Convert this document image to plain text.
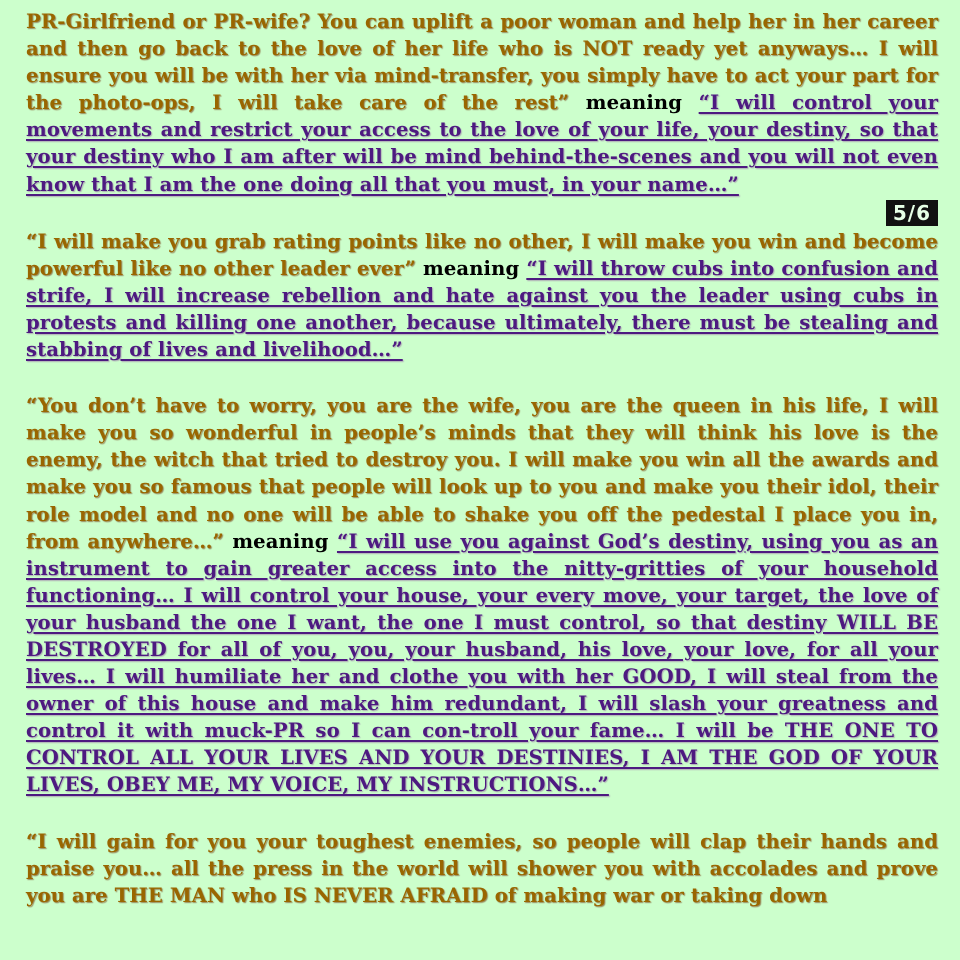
PR-Girlfriend or PR-wife? You can uplift a poor woman and help her in her career and then go back to the love of her life who is NOT ready yet anyways… I will ensure you will be with her via mind-transfer, you simply have to act your part for the photo-ops, I will take care of the rest” meaning “I will control your movements and restrict your access to the love of your life, your destiny, so that your destiny who I am after will be mind behind-the-scenes and you will not even know that I am the one doing all that you must, in your name…”

5/6

“I will make you grab rating points like no other, I will make you win and become powerful like no other leader ever” meaning “I will throw cubs into confusion and strife, I will increase rebellion and hate against you the leader using cubs in protests and killing one another, because ultimately, there must be stealing and stabbing of lives and livelihood…”

“You don’t have to worry, you are the wife, you are the queen in his life, I will make you so wonderful in people’s minds that they will think his love is the enemy, the witch that tried to destroy you. I will make you win all the awards and make you so famous that people will look up to you and make you their idol, their role model and no one will be able to shake you off the pedestal I place you in, from anywhere…” meaning “I will use you against God’s destiny, using you as an instrument to gain greater access into the nitty-gritties of your household functioning… I will control your house, your every move, your target, the love of your husband the one I want, the one I must control, so that destiny WILL BE DESTROYED for all of you, you, your husband, his love, your love, for all your lives… I will humiliate her and clothe you with her GOOD, I will steal from the owner of this house and make him redundant, I will slash your greatness and control it with muck-PR so I can con-troll your fame… I will be THE ONE TO CONTROL ALL YOUR LIVES AND YOUR DESTINIES, I AM THE GOD OF YOUR LIVES, OBEY ME, MY VOICE, MY INSTRUCTIONS…”

“I will gain for you your toughest enemies, so people will clap their hands and praise you… all the press in the world will shower you with accolades and prove you are THE MAN who IS NEVER AFRAID of making war or taking down
